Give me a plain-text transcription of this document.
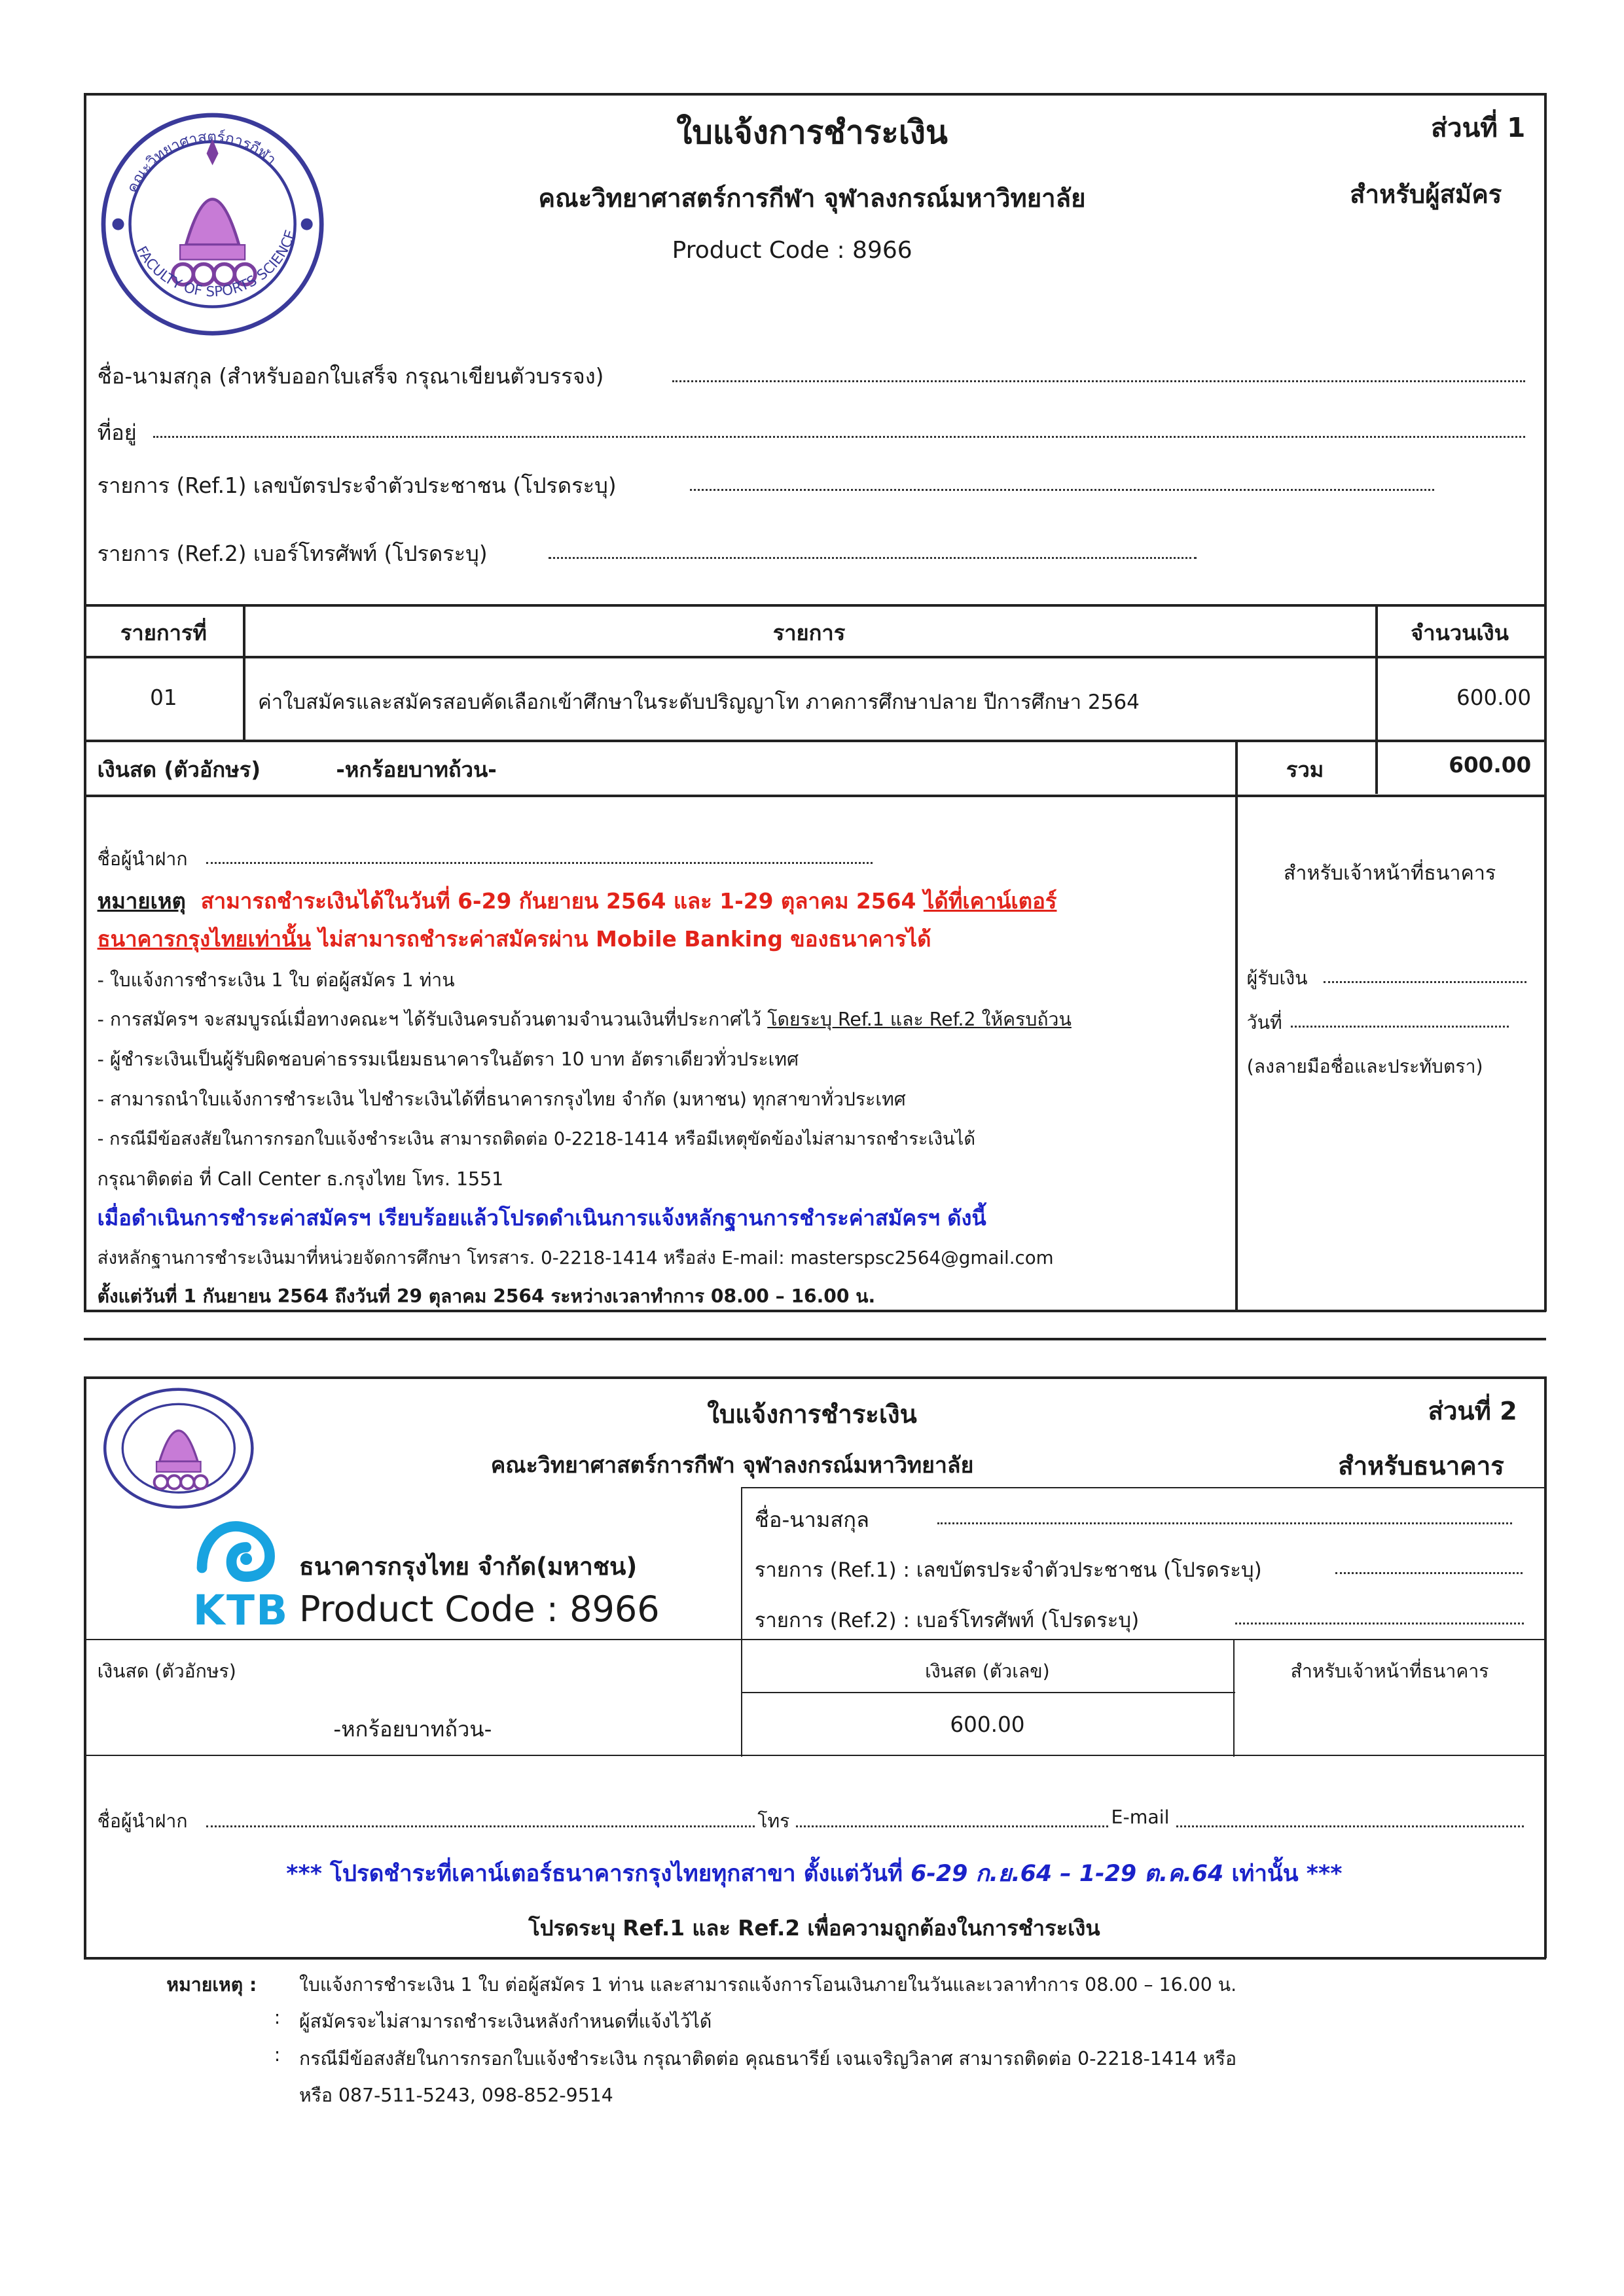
คณะวิทยาศาสตร์การกีฬา
FACULTY OF SPORTS SCIENCE
ใบแจ้งการชำระเงิน	ส่วนที่ 1
คณะวิทยาศาสตร์การกีฬา จุฬาลงกรณ์มหาวิทยาลัย	สำหรับผู้สมัคร
Product Code : 8966
ชื่อ-นามสกุล (สำหรับออกใบเสร็จ กรุณาเขียนตัวบรรจง)
ที่อยู่
รายการ (Ref.1) เลขบัตรประจำตัวประชาชน (โปรดระบุ)
รายการ (Ref.2) เบอร์โทรศัพท์ (โปรดระบุ)
รายการที่	รายการ	จำนวนเงิน
01	ค่าใบสมัครและสมัครสอบคัดเลือกเข้าศึกษาในระดับปริญญาโท ภาคการศึกษาปลาย ปีการศึกษา 2564	600.00
เงินสด (ตัวอักษร)	-หกร้อยบาทถ้วน-	รวม	600.00
ชื่อผู้นำฝาก
หมายเหตุ สามารถชำระเงินได้ในวันที่ 6-29 กันยายน 2564 และ 1-29 ตุลาคม 2564 ได้ที่เคาน์เตอร์
ธนาคารกรุงไทยเท่านั้น ไม่สามารถชำระค่าสมัครผ่าน Mobile Banking ของธนาคารได้
- ใบแจ้งการชำระเงิน 1 ใบ ต่อผู้สมัคร 1 ท่าน
- การสมัครฯ จะสมบูรณ์เมื่อทางคณะฯ ได้รับเงินครบถ้วนตามจำนวนเงินที่ประกาศไว้ โดยระบุ Ref.1 และ Ref.2 ให้ครบถ้วน
- ผู้ชำระเงินเป็นผู้รับผิดชอบค่าธรรมเนียมธนาคารในอัตรา 10 บาท อัตราเดียวทั่วประเทศ
- สามารถนำใบแจ้งการชำระเงิน ไปชำระเงินได้ที่ธนาคารกรุงไทย จำกัด (มหาชน) ทุกสาขาทั่วประเทศ
- กรณีมีข้อสงสัยในการกรอกใบแจ้งชำระเงิน สามารถติดต่อ 0-2218-1414 หรือมีเหตุขัดข้องไม่สามารถชำระเงินได้
กรุณาติดต่อ ที่ Call Center ธ.กรุงไทย โทร. 1551
เมื่อดำเนินการชำระค่าสมัครฯ เรียบร้อยแล้วโปรดดำเนินการแจ้งหลักฐานการชำระค่าสมัครฯ ดังนี้
ส่งหลักฐานการชำระเงินมาที่หน่วยจัดการศึกษา โทรสาร. 0-2218-1414 หรือส่ง E-mail: masterspsc2564@gmail.com
ตั้งแต่วันที่ 1 กันยายน 2564 ถึงวันที่ 29 ตุลาคม 2564 ระหว่างเวลาทำการ 08.00 – 16.00 น.
สำหรับเจ้าหน้าที่ธนาคาร
ผู้รับเงิน
วันที่
(ลงลายมือชื่อและประทับตรา)
ใบแจ้งการชำระเงิน	ส่วนที่ 2
คณะวิทยาศาสตร์การกีฬา จุฬาลงกรณ์มหาวิทยาลัย	สำหรับธนาคาร
KTB
ธนาคารกรุงไทย จำกัด(มหาชน)
Product Code : 8966
ชื่อ-นามสกุล
รายการ (Ref.1) : เลขบัตรประจำตัวประชาชน (โปรดระบุ)
รายการ (Ref.2) : เบอร์โทรศัพท์ (โปรดระบุ)
เงินสด (ตัวอักษร)
-หกร้อยบาทถ้วน-
เงินสด (ตัวเลข)
600.00
สำหรับเจ้าหน้าที่ธนาคาร
ชื่อผู้นำฝาก	โทร	E-mail
*** โปรดชำระที่เคาน์เตอร์ธนาคารกรุงไทยทุกสาขา ตั้งแต่วันที่ 6-29 ก.ย.64 – 1-29 ต.ค.64 เท่านั้น ***
โปรดระบุ Ref.1 และ Ref.2 เพื่อความถูกต้องในการชำระเงิน
หมายเหตุ :	ใบแจ้งการชำระเงิน 1 ใบ ต่อผู้สมัคร 1 ท่าน และสามารถแจ้งการโอนเงินภายในวันและเวลาทำการ 08.00 – 16.00 น.
: ผู้สมัครจะไม่สามารถชำระเงินหลังกำหนดที่แจ้งไว้ได้
: กรณีมีข้อสงสัยในการกรอกใบแจ้งชำระเงิน กรุณาติดต่อ คุณธนารีย์ เจนเจริญวิลาศ สามารถติดต่อ 0-2218-1414 หรือ
หรือ 087-511-5243, 098-852-9514
